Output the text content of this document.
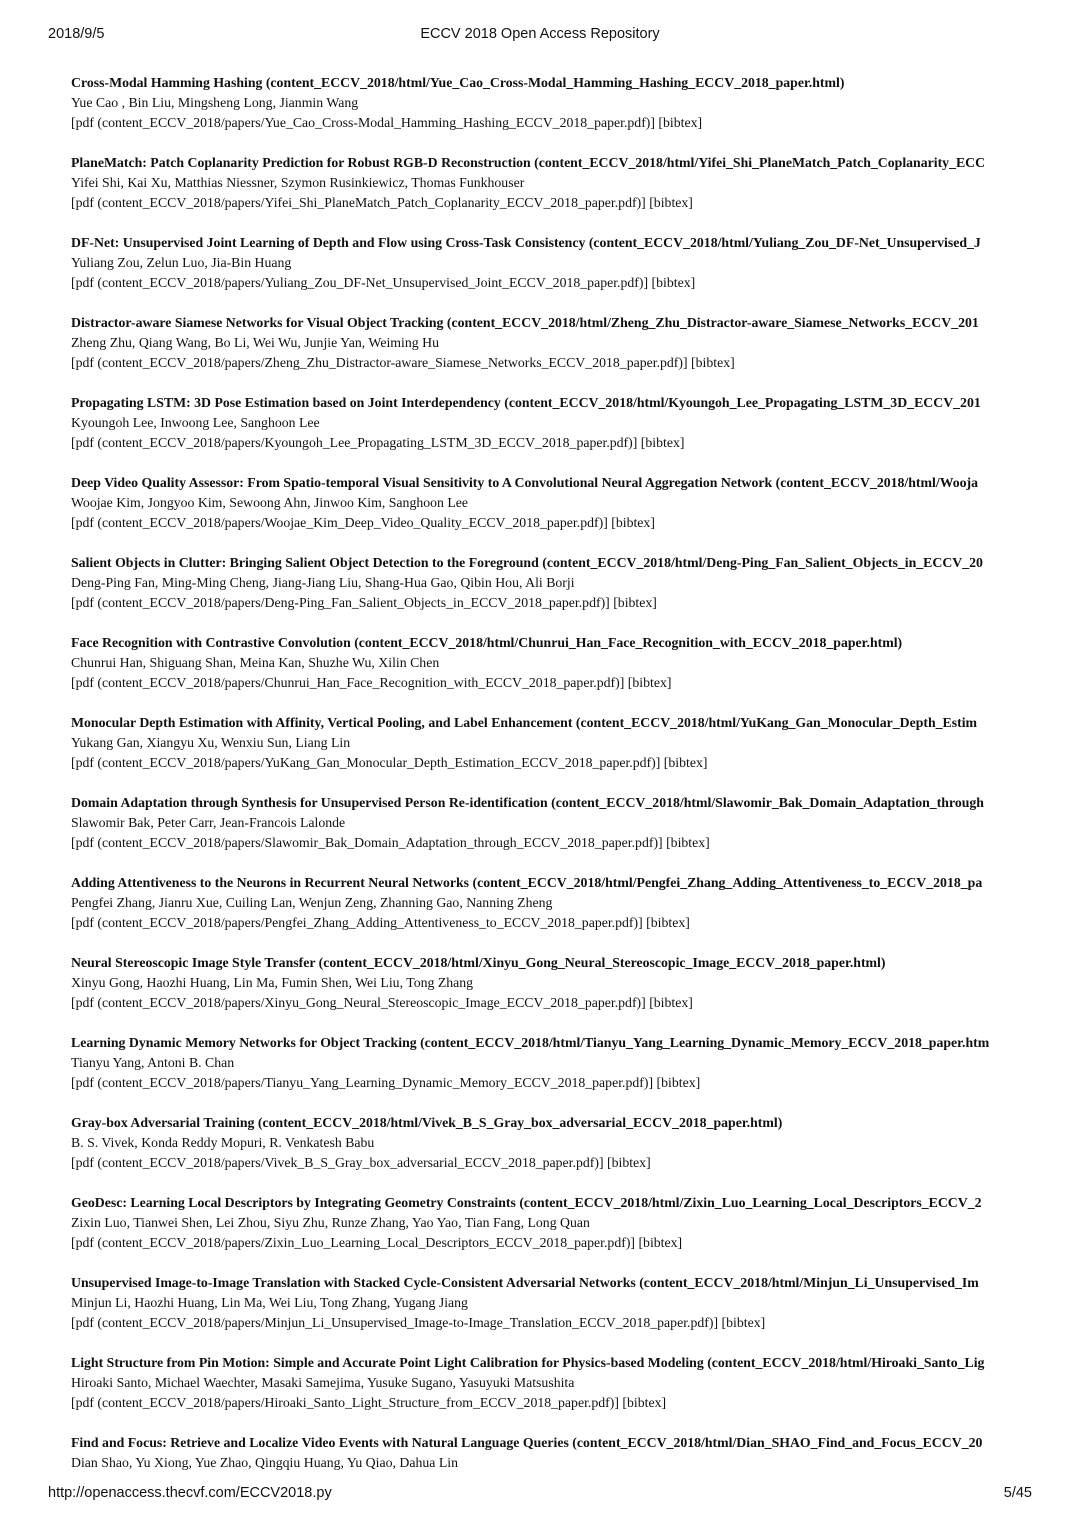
2018/9/5	ECCV 2018 Open Access Repository
Cross-Modal Hamming Hashing (content_ECCV_2018/html/Yue_Cao_Cross-Modal_Hamming_Hashing_ECCV_2018_paper.html)
Yue Cao , Bin Liu, Mingsheng Long, Jianmin Wang
[pdf (content_ECCV_2018/papers/Yue_Cao_Cross-Modal_Hamming_Hashing_ECCV_2018_paper.pdf)] [bibtex]
PlaneMatch: Patch Coplanarity Prediction for Robust RGB-D Reconstruction (content_ECCV_2018/html/Yifei_Shi_PlaneMatch_Patch_Coplanarity_ECC
Yifei Shi, Kai Xu, Matthias Niessner, Szymon Rusinkiewicz, Thomas Funkhouser
[pdf (content_ECCV_2018/papers/Yifei_Shi_PlaneMatch_Patch_Coplanarity_ECCV_2018_paper.pdf)] [bibtex]
DF-Net: Unsupervised Joint Learning of Depth and Flow using Cross-Task Consistency (content_ECCV_2018/html/Yuliang_Zou_DF-Net_Unsupervised_J
Yuliang Zou, Zelun Luo, Jia-Bin Huang
[pdf (content_ECCV_2018/papers/Yuliang_Zou_DF-Net_Unsupervised_Joint_ECCV_2018_paper.pdf)] [bibtex]
Distractor-aware Siamese Networks for Visual Object Tracking (content_ECCV_2018/html/Zheng_Zhu_Distractor-aware_Siamese_Networks_ECCV_201
Zheng Zhu, Qiang Wang, Bo Li, Wei Wu, Junjie Yan, Weiming Hu
[pdf (content_ECCV_2018/papers/Zheng_Zhu_Distractor-aware_Siamese_Networks_ECCV_2018_paper.pdf)] [bibtex]
Propagating LSTM: 3D Pose Estimation based on Joint Interdependency (content_ECCV_2018/html/Kyoungoh_Lee_Propagating_LSTM_3D_ECCV_201
Kyoungoh Lee, Inwoong Lee, Sanghoon Lee
[pdf (content_ECCV_2018/papers/Kyoungoh_Lee_Propagating_LSTM_3D_ECCV_2018_paper.pdf)] [bibtex]
Deep Video Quality Assessor: From Spatio-temporal Visual Sensitivity to A Convolutional Neural Aggregation Network (content_ECCV_2018/html/Wooja
Woojae Kim, Jongyoo Kim, Sewoong Ahn, Jinwoo Kim, Sanghoon Lee
[pdf (content_ECCV_2018/papers/Woojae_Kim_Deep_Video_Quality_ECCV_2018_paper.pdf)] [bibtex]
Salient Objects in Clutter: Bringing Salient Object Detection to the Foreground (content_ECCV_2018/html/Deng-Ping_Fan_Salient_Objects_in_ECCV_20
Deng-Ping Fan, Ming-Ming Cheng, Jiang-Jiang Liu, Shang-Hua Gao, Qibin Hou, Ali Borji
[pdf (content_ECCV_2018/papers/Deng-Ping_Fan_Salient_Objects_in_ECCV_2018_paper.pdf)] [bibtex]
Face Recognition with Contrastive Convolution (content_ECCV_2018/html/Chunrui_Han_Face_Recognition_with_ECCV_2018_paper.html)
Chunrui Han, Shiguang Shan, Meina Kan, Shuzhe Wu, Xilin Chen
[pdf (content_ECCV_2018/papers/Chunrui_Han_Face_Recognition_with_ECCV_2018_paper.pdf)] [bibtex]
Monocular Depth Estimation with Affinity, Vertical Pooling, and Label Enhancement (content_ECCV_2018/html/YuKang_Gan_Monocular_Depth_Estim
Yukang Gan, Xiangyu Xu, Wenxiu Sun, Liang Lin
[pdf (content_ECCV_2018/papers/YuKang_Gan_Monocular_Depth_Estimation_ECCV_2018_paper.pdf)] [bibtex]
Domain Adaptation through Synthesis for Unsupervised Person Re-identification (content_ECCV_2018/html/Slawomir_Bak_Domain_Adaptation_through
Slawomir Bak, Peter Carr, Jean-Francois Lalonde
[pdf (content_ECCV_2018/papers/Slawomir_Bak_Domain_Adaptation_through_ECCV_2018_paper.pdf)] [bibtex]
Adding Attentiveness to the Neurons in Recurrent Neural Networks (content_ECCV_2018/html/Pengfei_Zhang_Adding_Attentiveness_to_ECCV_2018_pa
Pengfei Zhang, Jianru Xue, Cuiling Lan, Wenjun Zeng, Zhanning Gao, Nanning Zheng
[pdf (content_ECCV_2018/papers/Pengfei_Zhang_Adding_Attentiveness_to_ECCV_2018_paper.pdf)] [bibtex]
Neural Stereoscopic Image Style Transfer (content_ECCV_2018/html/Xinyu_Gong_Neural_Stereoscopic_Image_ECCV_2018_paper.html)
Xinyu Gong, Haozhi Huang, Lin Ma, Fumin Shen, Wei Liu, Tong Zhang
[pdf (content_ECCV_2018/papers/Xinyu_Gong_Neural_Stereoscopic_Image_ECCV_2018_paper.pdf)] [bibtex]
Learning Dynamic Memory Networks for Object Tracking (content_ECCV_2018/html/Tianyu_Yang_Learning_Dynamic_Memory_ECCV_2018_paper.htm
Tianyu Yang, Antoni B. Chan
[pdf (content_ECCV_2018/papers/Tianyu_Yang_Learning_Dynamic_Memory_ECCV_2018_paper.pdf)] [bibtex]
Gray-box Adversarial Training (content_ECCV_2018/html/Vivek_B_S_Gray_box_adversarial_ECCV_2018_paper.html)
B. S. Vivek, Konda Reddy Mopuri, R. Venkatesh Babu
[pdf (content_ECCV_2018/papers/Vivek_B_S_Gray_box_adversarial_ECCV_2018_paper.pdf)] [bibtex]
GeoDesc: Learning Local Descriptors by Integrating Geometry Constraints (content_ECCV_2018/html/Zixin_Luo_Learning_Local_Descriptors_ECCV_2
Zixin Luo, Tianwei Shen, Lei Zhou, Siyu Zhu, Runze Zhang, Yao Yao, Tian Fang, Long Quan
[pdf (content_ECCV_2018/papers/Zixin_Luo_Learning_Local_Descriptors_ECCV_2018_paper.pdf)] [bibtex]
Unsupervised Image-to-Image Translation with Stacked Cycle-Consistent Adversarial Networks (content_ECCV_2018/html/Minjun_Li_Unsupervised_Im
Minjun Li, Haozhi Huang, Lin Ma, Wei Liu, Tong Zhang, Yugang Jiang
[pdf (content_ECCV_2018/papers/Minjun_Li_Unsupervised_Image-to-Image_Translation_ECCV_2018_paper.pdf)] [bibtex]
Light Structure from Pin Motion: Simple and Accurate Point Light Calibration for Physics-based Modeling (content_ECCV_2018/html/Hiroaki_Santo_Lig
Hiroaki Santo, Michael Waechter, Masaki Samejima, Yusuke Sugano, Yasuyuki Matsushita
[pdf (content_ECCV_2018/papers/Hiroaki_Santo_Light_Structure_from_ECCV_2018_paper.pdf)] [bibtex]
Find and Focus: Retrieve and Localize Video Events with Natural Language Queries (content_ECCV_2018/html/Dian_SHAO_Find_and_Focus_ECCV_20
Dian Shao, Yu Xiong, Yue Zhao, Qingqiu Huang, Yu Qiao, Dahua Lin
http://openaccess.thecvf.com/ECCV2018.py	5/45
